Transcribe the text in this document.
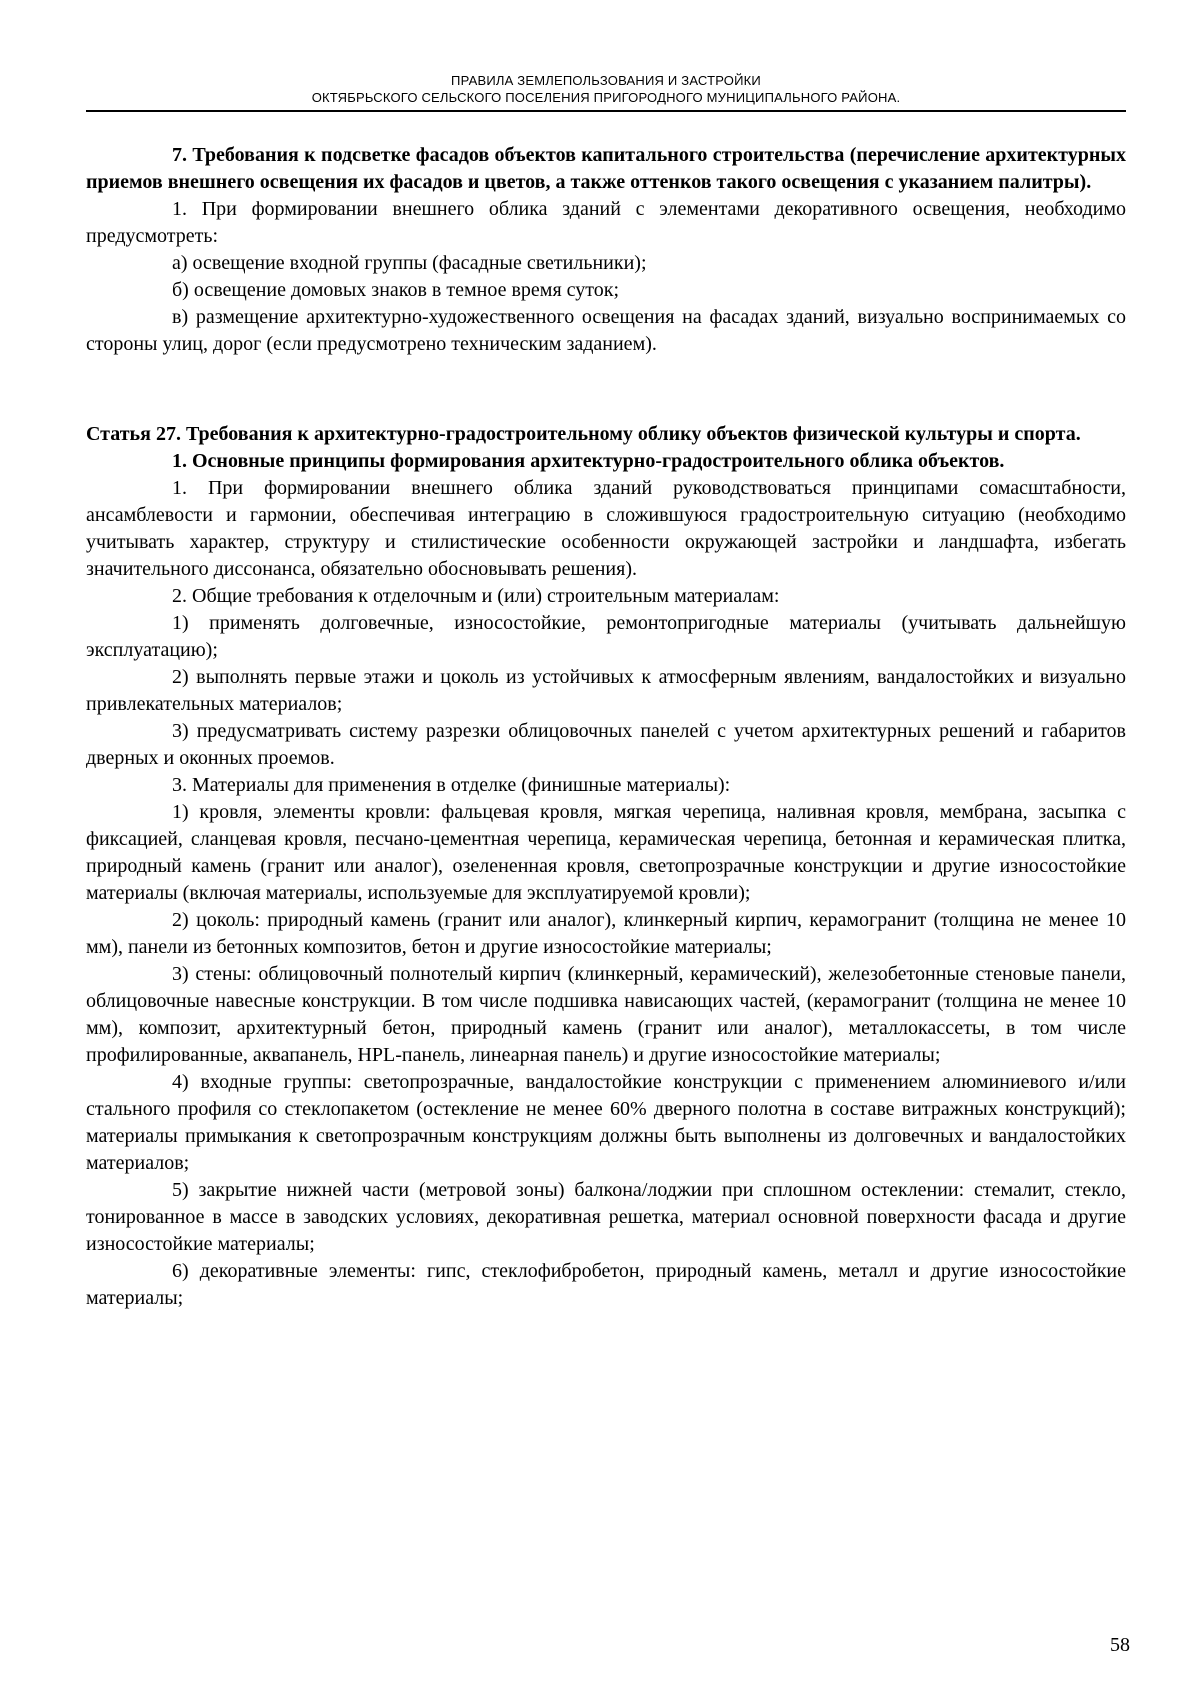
ПРАВИЛА ЗЕМЛЕПОЛЬЗОВАНИЯ И ЗАСТРОЙКИ
ОКТЯБРЬСКОГО СЕЛЬСКОГО ПОСЕЛЕНИЯ ПРИГОРОДНОГО МУНИЦИПАЛЬНОГО РАЙОНА.

7. Требования к подсветке фасадов объектов капитального строительства (перечисление архитектурных приемов внешнего освещения их фасадов и цветов, а также оттенков такого освещения с указанием палитры).

1. При формировании внешнего облика зданий с элементами декоративного освещения, необходимо предусмотреть:

а) освещение входной группы (фасадные светильники);

б) освещение домовых знаков в темное время суток;

в) размещение архитектурно-художественного освещения на фасадах зданий, визуально воспринимаемых со стороны улиц, дорог (если предусмотрено техническим заданием).

Статья 27. Требования к архитектурно-градостроительному облику объектов физической культуры и спорта.

1. Основные принципы формирования архитектурно-градостроительного облика объектов.

1. При формировании внешнего облика зданий руководствоваться принципами сомасштабности, ансамблевости и гармонии, обеспечивая интеграцию в сложившуюся градостроительную ситуацию (необходимо учитывать характер, структуру и стилистические особенности окружающей застройки и ландшафта, избегать значительного диссонанса, обязательно обосновывать решения).

2. Общие требования к отделочным и (или) строительным материалам:

1) применять долговечные, износостойкие, ремонтопригодные материалы (учитывать дальнейшую эксплуатацию);

2) выполнять первые этажи и цоколь из устойчивых к атмосферным явлениям, вандалостойких и визуально привлекательных материалов;

3) предусматривать систему разрезки облицовочных панелей с учетом архитектурных решений и габаритов дверных и оконных проемов.

3. Материалы для применения в отделке (финишные материалы):

1) кровля, элементы кровли: фальцевая кровля, мягкая черепица, наливная кровля, мембрана, засыпка с фиксацией, сланцевая кровля, песчано-цементная черепица, керамическая черепица, бетонная и керамическая плитка, природный камень (гранит или аналог), озелененная кровля, светопрозрачные конструкции и другие износостойкие материалы (включая материалы, используемые для эксплуатируемой кровли);

2) цоколь: природный камень (гранит или аналог), клинкерный кирпич, керамогранит (толщина не менее 10 мм), панели из бетонных композитов, бетон и другие износостойкие материалы;

3) стены: облицовочный полнотелый кирпич (клинкерный, керамический), железобетонные стеновые панели, облицовочные навесные конструкции. В том числе подшивка нависающих частей, (керамогранит (толщина не менее 10 мм), композит, архитектурный бетон, природный камень (гранит или аналог), металлокассеты, в том числе профилированные, аквапанель, HPL-панель, линеарная панель) и другие износостойкие материалы;

4) входные группы: светопрозрачные, вандалостойкие конструкции с применением алюминиевого и/или стального профиля со стеклопакетом (остекление не менее 60% дверного полотна в составе витражных конструкций); материалы примыкания к светопрозрачным конструкциям должны быть выполнены из долговечных и вандалостойких материалов;

5) закрытие нижней части (метровой зоны) балкона/лоджии при сплошном остеклении: стемалит, стекло, тонированное в массе в заводских условиях, декоративная решетка, материал основной поверхности фасада и другие износостойкие материалы;

6) декоративные элементы: гипс, стеклофибробетон, природный камень, металл и другие износостойкие материалы;

58
